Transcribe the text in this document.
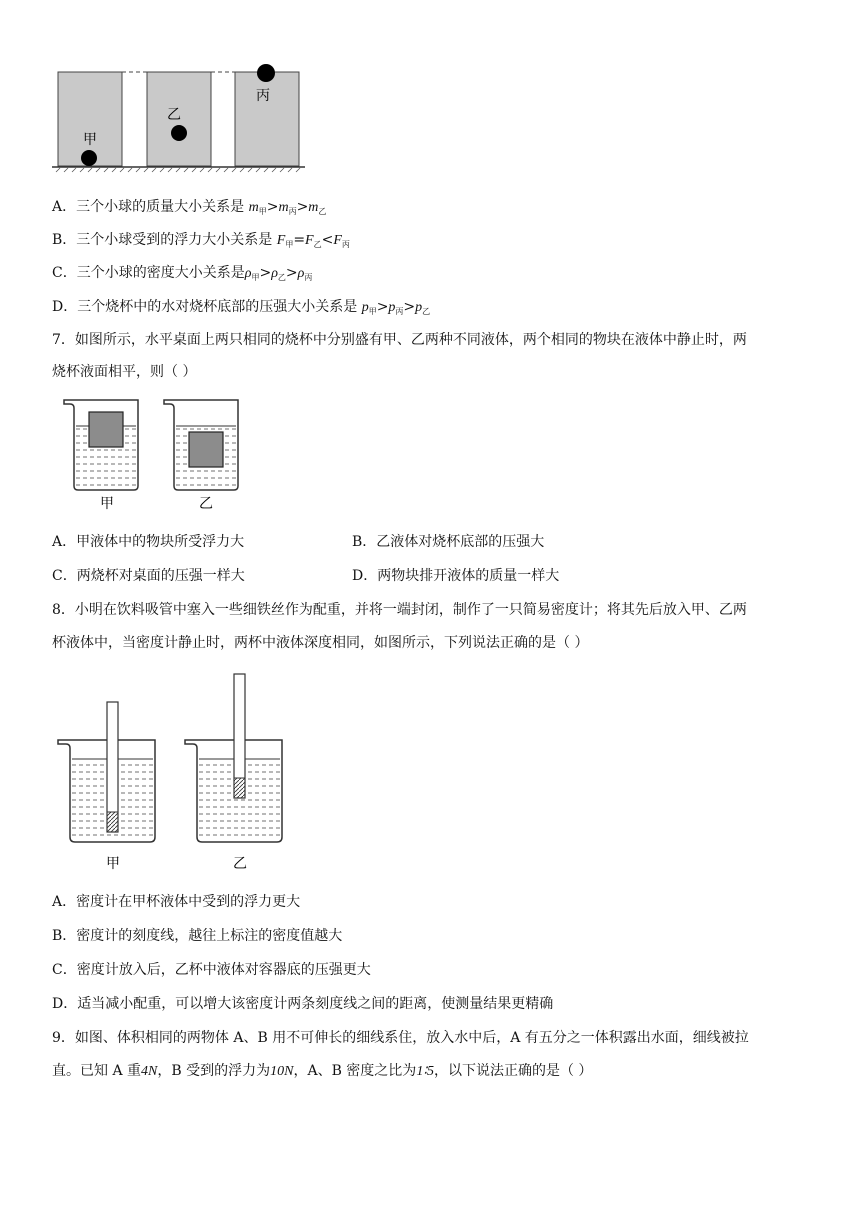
甲
乙
丙
A．三个小球的质量大小关系是 $m_甲>m_丙>m_乙$
B．三个小球受到的浮力大小关系是 $F_甲=F_乙<F_丙$
C．三个小球的密度大小关系是$\rho_甲>\rho_乙>\rho_丙$
D．三个烧杯中的水对烧杯底部的压强大小关系是 $p_甲>p_丙>p_乙$
7．如图所示，水平桌面上两只相同的烧杯中分别盛有甲、乙两种不同液体，两个相同的物块在液体中静止时，两
烧杯液面相平，则（ ）
甲	乙
A．甲液体中的物块所受浮力大	B．乙液体对烧杯底部的压强大
C．两烧杯对桌面的压强一样大	D．两物块排开液体的质量一样大
8．小明在饮料吸管中塞入一些细铁丝作为配重，并将一端封闭，制作了一只简易密度计；将其先后放入甲、乙两
杯液体中，当密度计静止时，两杯中液体深度相同，如图所示，下列说法正确的是（ ）
甲	乙
A．密度计在甲杯液体中受到的浮力更大
B．密度计的刻度线，越往上标注的密度值越大
C．密度计放入后，乙杯中液体对容器底的压强更大
D．适当减小配重，可以增大该密度计两条刻度线之间的距离，使测量结果更精确
9．如图、体积相同的两物体 A、B 用不可伸长的细线系住，放入水中后，A 有五分之一体积露出水面，细线被拉
直。已知 A 重4N，B 受到的浮力为10N，A、B 密度之比为1∶5，以下说法正确的是（ ）
